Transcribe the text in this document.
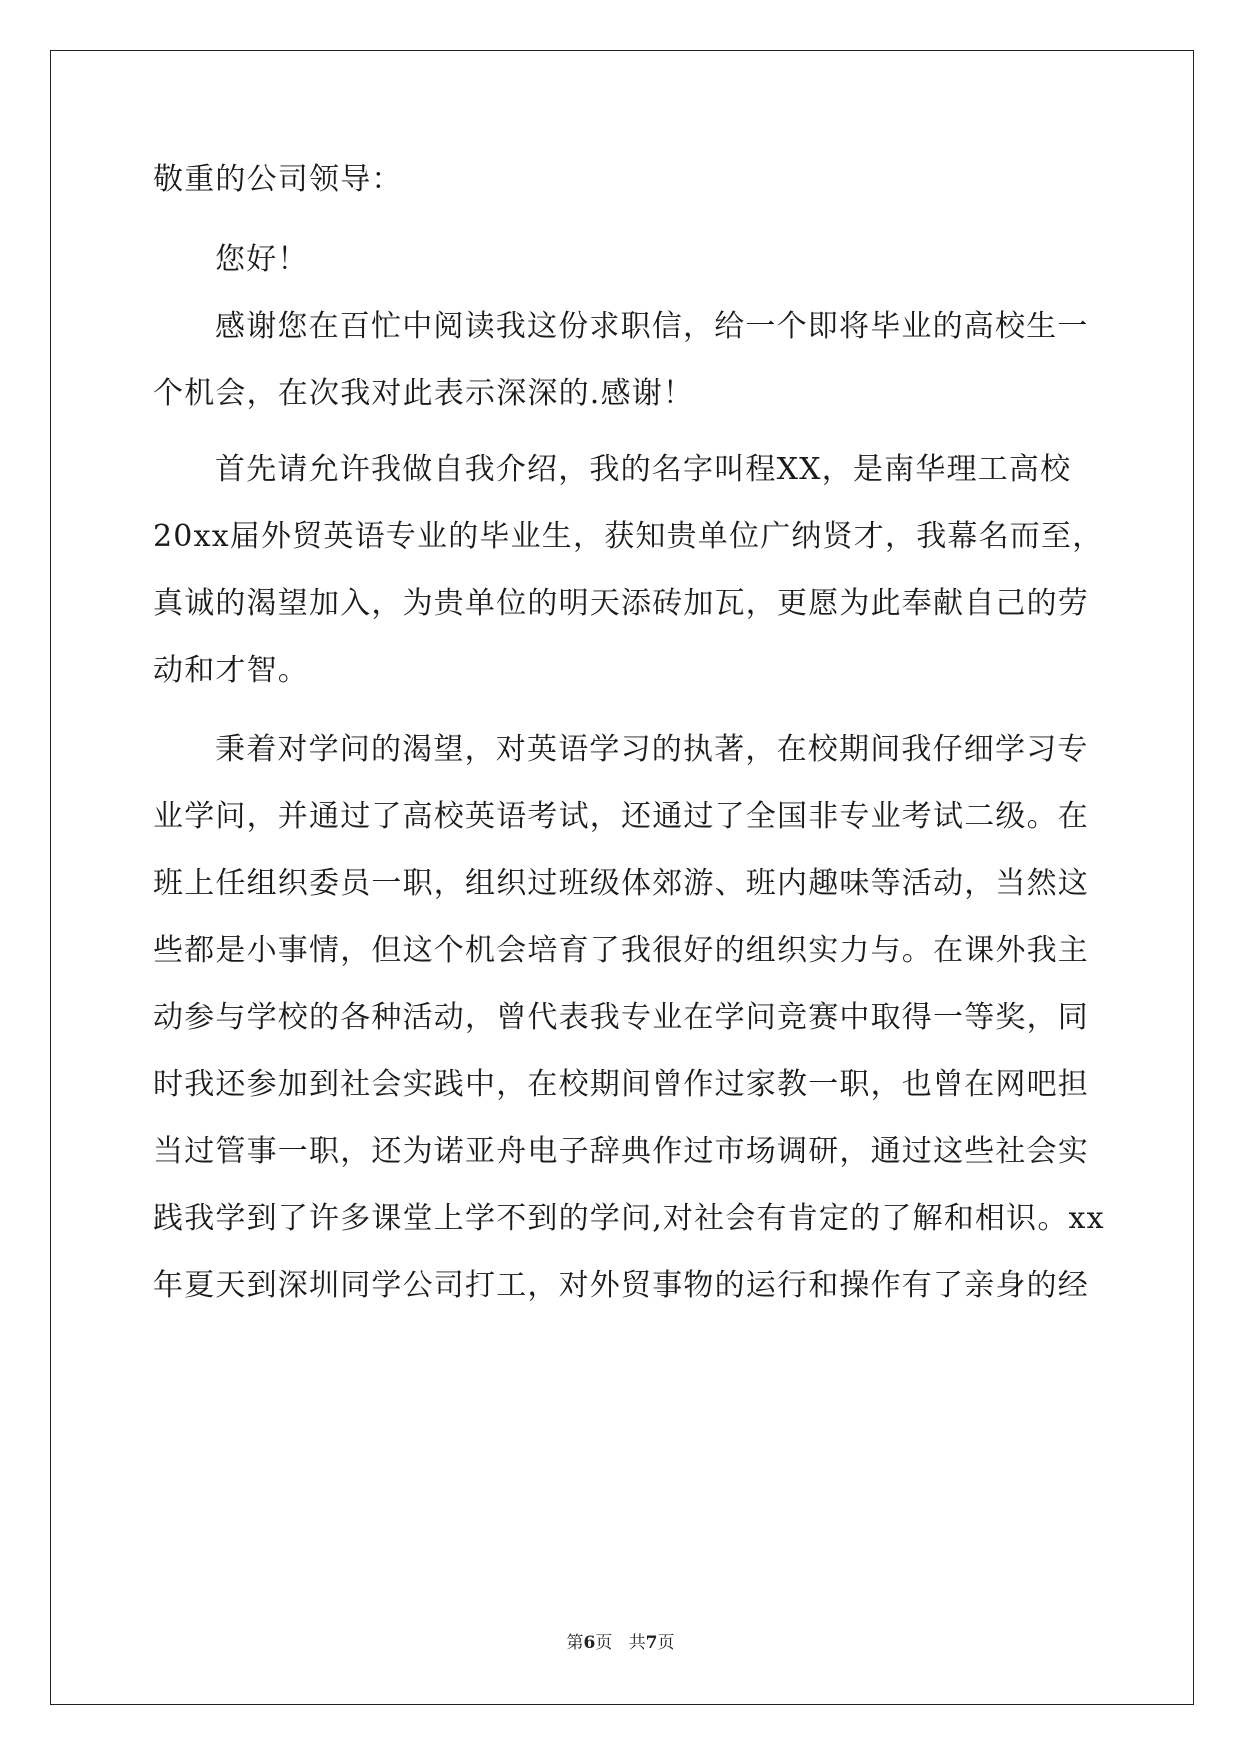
敬重的公司领导：
您好！
感谢您在百忙中阅读我这份求职信，给一个即将毕业的高校生一
个机会，在次我对此表示深深的.感谢！
首先请允许我做自我介绍，我的名字叫程XX，是南华理工高校
20xx届外贸英语专业的毕业生，获知贵单位广纳贤才，我幕名而至，
真诚的渴望加入，为贵单位的明天添砖加瓦，更愿为此奉献自己的劳
动和才智。
秉着对学问的渴望，对英语学习的执著，在校期间我仔细学习专
业学问，并通过了高校英语考试，还通过了全国非专业考试二级。在
班上任组织委员一职，组织过班级体郊游、班内趣味等活动，当然这
些都是小事情，但这个机会培育了我很好的组织实力与。在课外我主
动参与学校的各种活动，曾代表我专业在学问竞赛中取得一等奖，同
时我还参加到社会实践中，在校期间曾作过家教一职，也曾在网吧担
当过管事一职，还为诺亚舟电子辞典作过市场调研，通过这些社会实
践我学到了许多课堂上学不到的学问,对社会有肯定的了解和相识。xx
年夏天到深圳同学公司打工，对外贸事物的运行和操作有了亲身的经
第6页 共7页
